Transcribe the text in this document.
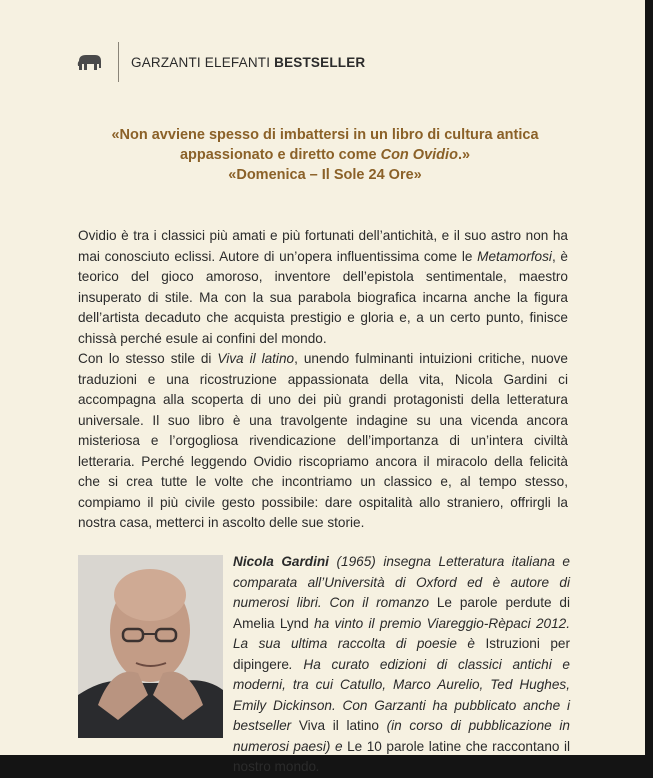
GARZANTI ELEFANTI BESTSELLER

«Non avviene spesso di imbattersi in un libro di cultura antica

appassionato e diretto come Con Ovidio.»

«Domenica – Il Sole 24 Ore»

Ovidio è tra i classici più amati e più fortunati dell’antichità, e il suo astro non ha mai conosciuto eclissi. Autore di un’opera influentissima come le Metamorfosi, è teorico del gioco amoroso, inventore dell’epistola sentimentale, maestro insuperato di stile. Ma con la sua parabola biografica incarna anche la figura dell’artista decaduto che acquista prestigio e gloria e, a un certo punto, finisce chissà perché esule ai confini del mondo.

Con lo stesso stile di Viva il latino, unendo fulminanti intuizioni critiche, nuove traduzioni e una ricostruzione appassionata della vita, Nicola Gardini ci accompagna alla scoperta di uno dei più grandi protagonisti della letteratura universale. Il suo libro è una travolgente indagine su una vicenda ancora misteriosa e l’orgogliosa rivendicazione dell’importanza di un’intera civiltà letteraria. Perché leggendo Ovidio riscopriamo ancora il miracolo della felicità che si crea tutte le volte che incontriamo un classico e, al tempo stesso, compiamo il più civile gesto possibile: dare ospitalità allo straniero, offrirgli la nostra casa, metterci in ascolto delle sue storie.

Nicola Gardini (1965) insegna Letteratura italiana e comparata all’Università di Oxford ed è autore di numerosi libri. Con il romanzo Le parole perdute di Amelia Lynd ha vinto il premio Viareggio-Rèpaci 2012. La sua ultima raccolta di poesie è Istruzioni per dipingere. Ha curato edizioni di classici antichi e moderni, tra cui Catullo, Marco Aurelio, Ted Hughes, Emily Dickinson. Con Garzanti ha pubblicato anche i bestseller Viva il latino (in corso di pubblicazione in numerosi paesi) e Le 10 parole latine che raccontano il nostro mondo.
